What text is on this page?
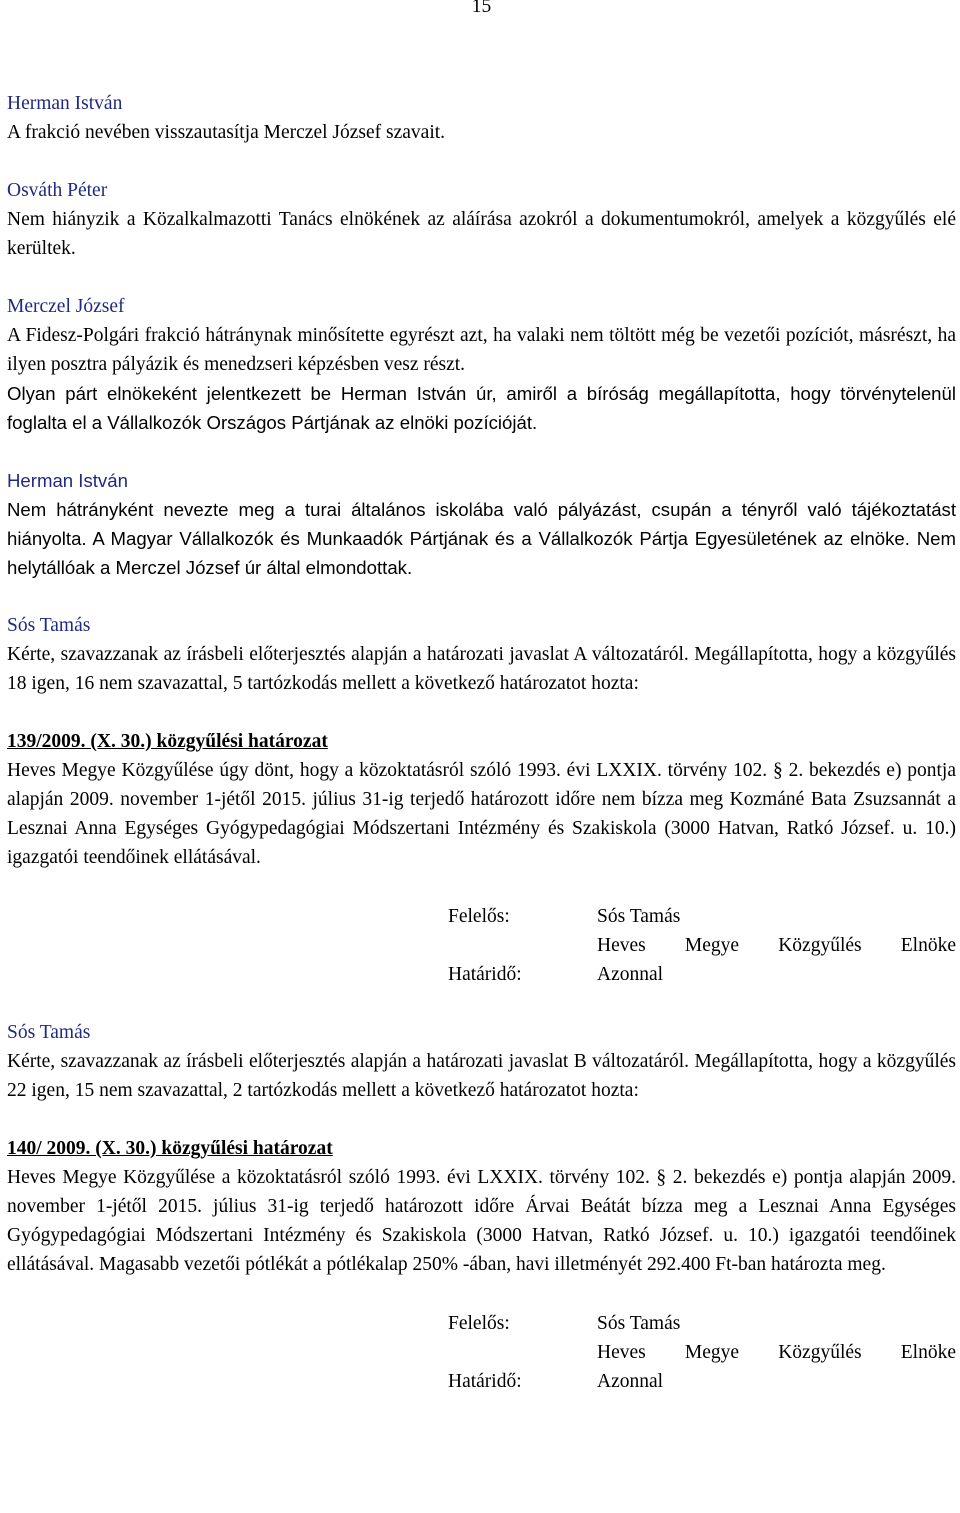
15
Herman István
A frakció nevében visszautasítja Merczel József szavait.
Osváth Péter
Nem hiányzik a Közalkalmazotti Tanács elnökének az aláírása azokról a dokumentumokról, amelyek a közgyűlés elé kerültek.
Merczel József
A Fidesz-Polgári frakció hátránynak minősítette egyrészt azt, ha valaki nem töltött még be vezetői pozíciót, másrészt, ha ilyen posztra pályázik és menedzseri képzésben vesz részt.
Olyan párt elnökeként jelentkezett be Herman István úr, amiről a bíróság megállapította, hogy törvénytelenül foglalta el a Vállalkozók Országos Pártjának az elnöki pozícióját.
Herman István
Nem hátrányként nevezte meg a turai általános iskolába való pályázást, csupán a tényről való tájékoztatást hiányolta. A Magyar Vállalkozók és Munkaadók Pártjának és a Vállalkozók Pártja Egyesületének az elnöke. Nem helytállóak a Merczel József úr által elmondottak.
Sós Tamás
Kérte, szavazzanak az írásbeli előterjesztés alapján a határozati javaslat A változatáról. Megállapította, hogy a közgyűlés 18 igen, 16 nem szavazattal, 5 tartózkodás mellett a következő határozatot hozta:
139/2009. (X. 30.) közgyűlési határozat
Heves Megye Közgyűlése úgy dönt, hogy a közoktatásról szóló 1993. évi LXXIX. törvény 102. § 2. bekezdés e) pontja alapján 2009. november 1-jétől 2015. július 31-ig terjedő határozott időre nem bízza meg Kozmáné Bata Zsuzsannát a Lesznai Anna Egységes Gyógypedagógiai Módszertani Intézmény és Szakiskola (3000 Hatvan, Ratkó József. u. 10.) igazgatói teendőinek ellátásával.
Felelős:	Sós Tamás
Heves Megye Közgyűlés Elnöke
Határidő:	Azonnal
Sós Tamás
Kérte, szavazzanak az írásbeli előterjesztés alapján a határozati javaslat B változatáról. Megállapította, hogy a közgyűlés 22 igen, 15 nem szavazattal, 2 tartózkodás mellett a következő határozatot hozta:
140/ 2009. (X. 30.) közgyűlési határozat
Heves Megye Közgyűlése a közoktatásról szóló 1993. évi LXXIX. törvény 102. § 2. bekezdés e) pontja alapján 2009. november 1-jétől 2015. július 31-ig terjedő határozott időre Árvai Beátát bízza meg a Lesznai Anna Egységes Gyógypedagógiai Módszertani Intézmény és Szakiskola (3000 Hatvan, Ratkó József. u. 10.) igazgatói teendőinek ellátásával. Magasabb vezetői pótlékát a pótlékalap 250% -ában, havi illetményét 292.400 Ft-ban határozta meg.
Felelős:	Sós Tamás
Heves Megye Közgyűlés Elnöke
Határidő:	Azonnal
